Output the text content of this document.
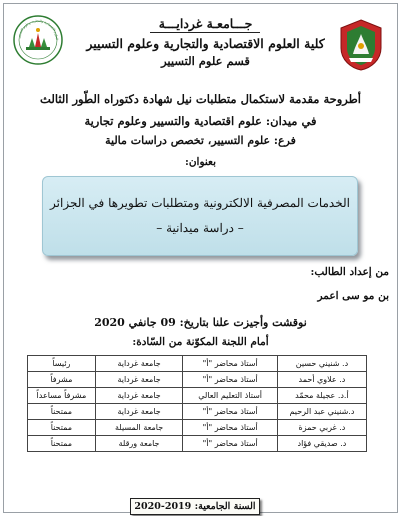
العلوم الاقتصادية والتجارية وعلوم التسيير	جـــامعـة غردايـــة
كلية العلوم الاقتصادية والتجارية وعلوم التسيير
قسم علوم التسيير
أطروحة مقدمة لاستكمال متطلبات نيل شهادة دكتوراه الطّور الثالث
في ميدان: علوم اقتصادية والتسيير وعلوم تجارية
فرع: علوم التسيير، تخصص دراسات مالية
بعنوان:
الخدمات المصرفية الالكترونية ومتطلبات تطويرها في الجزائر
– دراسة ميدانية –
من إعداد الطالب:
بن مو سى اعمر
نوقشت وأجيزت علنا بتاريخ: 09 جانفي 2020
أمام اللجنة المكوّنة من السّادة:
د. شنيني حسين	أستاذ محاضر "أ"	جامعة غرداية	رئيساً
د. علاوي أحمد	أستاذ محاضر "أ"	جامعة غرداية	مشرفاً
أ.د. عجيلة محمّد	أستاذ التعليم العالي	جامعة غرداية	مشرفاً مساعداً
د.شنيني عبد الرحيم	أستاذ محاضر "أ"	جامعة غرداية	ممتحناً
د. غربي حمزة	أستاذ محاضر "أ"	جامعة المسيلة	ممتحناً
د. صديقي فؤاد	أستاذ محاضر "أ"	جامعة ورقلة	ممتحناً
السنة الجامعية: 2019-2020
